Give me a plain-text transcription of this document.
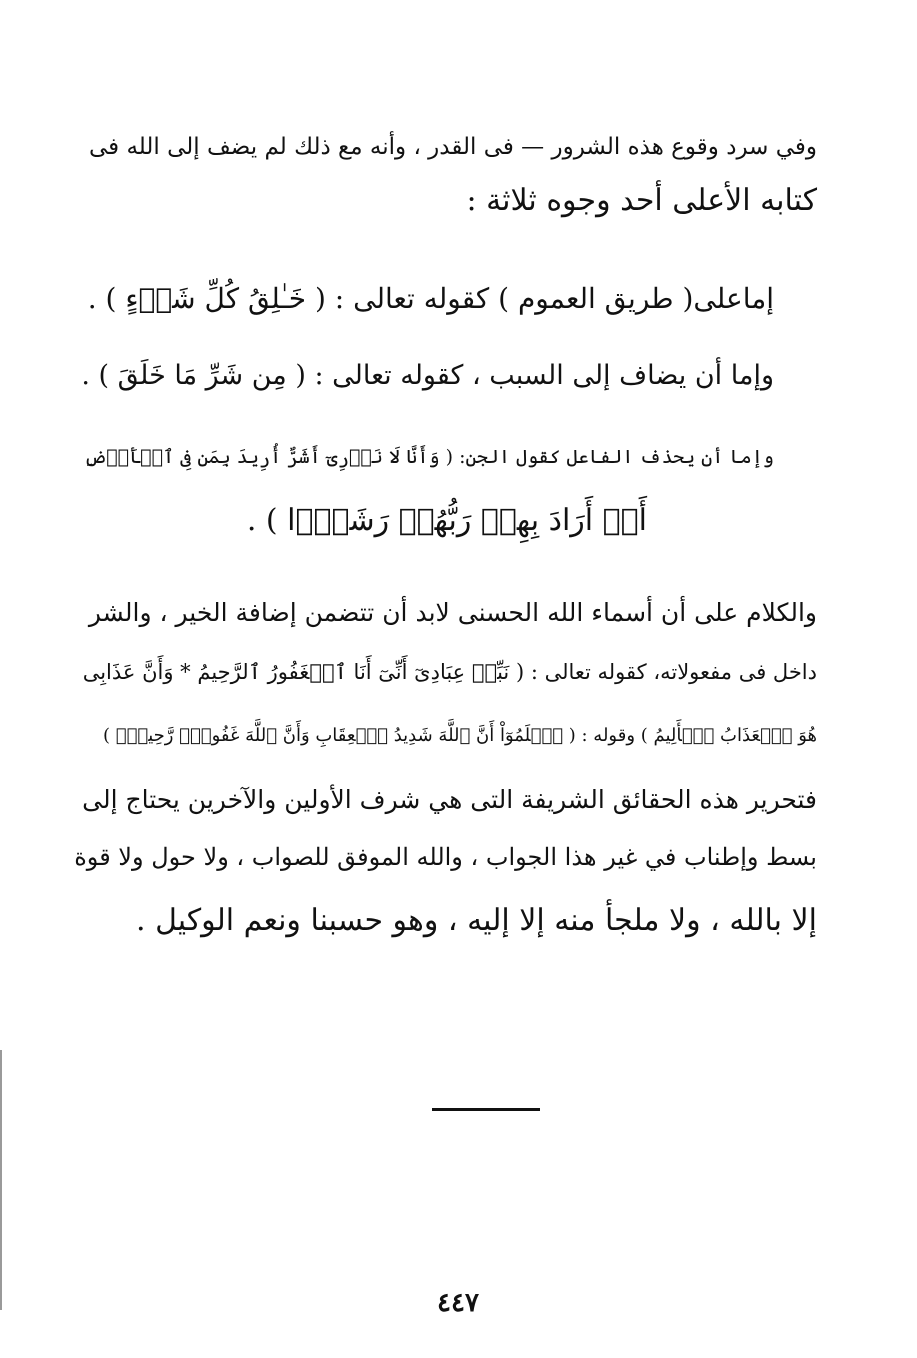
وفي سرد وقوع هذه الشرور — فى القدر ، وأنه مع ذلك لم يضف إلى الله فى
كتابه الأعلى أحد وجوه ثلاثة :
إماعلى( طريق العموم ) كقوله تعالى : ( خَـٰلِقُ كُلِّ شَىۡءٍ ) .
وإما أن يضاف إلى السبب ، كقوله تعالى : ( مِن شَرِّ مَا خَلَقَ ) .
وإما أن يحذف الفاعل كقول الجن: ( وَأَنَّا لَا نَدۡرِىٓ أَشَرٌّ أُرِيدَ بِمَن فِى ٱلۡأَرۡضِ
أَمۡ أَرَادَ بِهِمۡ رَبُّهُمۡ رَشَدً۬ا ) .
والكلام على أن أسماء الله الحسنى لابد أن تتضمن إضافة الخير ، والشر
داخل فى مفعولاته، كقوله تعالى : ( نَبِّئۡ عِبَادِىٓ أَنِّىٓ أَنَا ٱلۡغَفُورُ ٱلرَّحِيمُ * وَأَنَّ عَذَابِى
هُوَ ٱلۡعَذَابُ ٱلۡأَلِيمُ ) وقوله : ( ٱعۡلَمُوٓاْ أَنَّ ٱللَّهَ شَدِيدُ ٱلۡعِقَابِ وَأَنَّ ٱللَّهَ غَفُورٌ۬ رَّحِيمٌ۬ )
فتحرير هذه الحقائق الشريفة التى هي شرف الأولين والآخرين يحتاج إلى
بسط وإطناب في غير هذا الجواب ، والله الموفق للصواب ، ولا حول ولا قوة
إلا بالله ، ولا ملجأ منه إلا إليه ، وهو حسبنا ونعم الوكيل .
٤٤٧
